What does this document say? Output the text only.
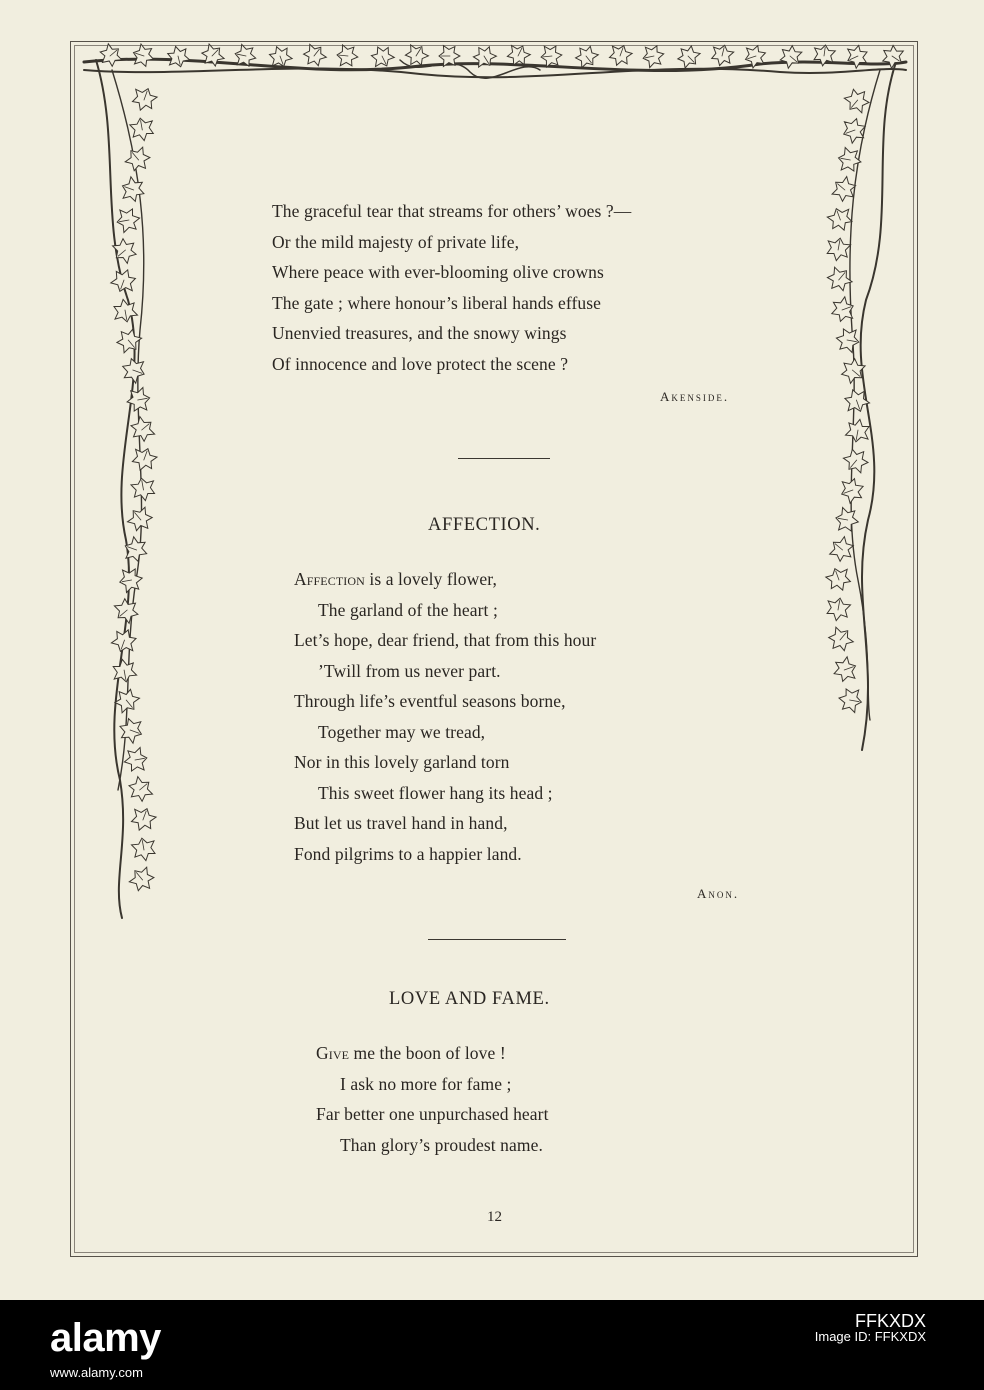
The graceful tear that streams for others’ woes ?—
Or the mild majesty of private life,
Where peace with ever-blooming olive crowns
The gate ; where honour’s liberal hands effuse
Unenvied treasures, and the snowy wings
Of innocence and love protect the scene ?
Akenside.
AFFECTION.
Affection is a lovely flower,
The garland of the heart ;
Let’s hope, dear friend, that from this hour
’Twill from us never part.
Through life’s eventful seasons borne,
Together may we tread,
Nor in this lovely garland torn
This sweet flower hang its head ;
But let us travel hand in hand,
Fond pilgrims to a happier land.
Anon.
LOVE AND FAME.
Give me the boon of love !
I ask no more for fame ;
Far better one unpurchased heart
Than glory’s proudest name.
12
alamy
www.alamy.com
FFKXDX
Image ID: FFKXDX
